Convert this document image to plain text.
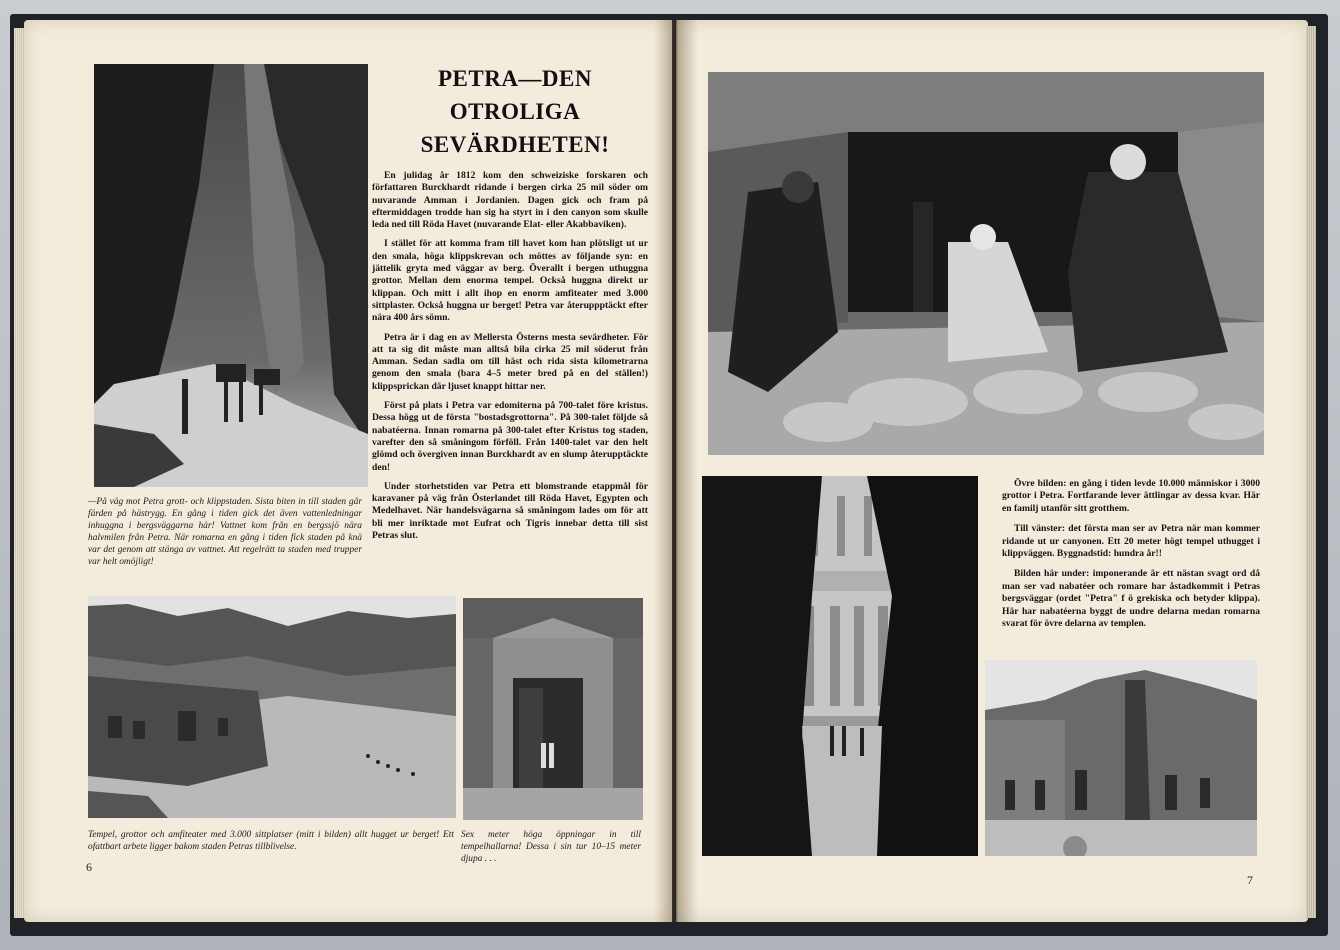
PETRA—DEN
OTROLIGA
SEVÄRDHETEN!

En julidag år 1812 kom den schweiziske forskaren och författaren Burckhardt ridande i bergen cirka 25 mil söder om nuvarande Amman i Jordanien. Dagen gick och fram på eftermiddagen trodde han sig ha styrt in i den canyon som skulle leda ned till Röda Havet (nuvarande Elat- eller Akabbaviken).

I stället för att komma fram till havet kom han plötsligt ut ur den smala, höga klippskrevan och möttes av följande syn: en jättelik gryta med väggar av berg. Överallt i bergen uthuggna grottor. Mellan dem enorma tempel. Också huggna direkt ur klippan. Och mitt i allt ihop en enorm amfiteater med 3.000 sittplaster. Också huggna ur berget! Petra var återuppptäckt efter nära 400 års sömn.

Petra är i dag en av Mellersta Österns mesta sevärdheter. För att ta sig dit måste man alltså bila cirka 25 mil söderut från Amman. Sedan sadla om till häst och rida sista kilometrarna genom den smala (bara 4–5 meter bred på en del ställen!) klippsprickan där ljuset knappt hittar ner.

Först på plats i Petra var edomiterna på 700-talet före kristus. Dessa högg ut de första "bostadsgrottorna". På 300-talet följde så nabatéerna. Innan romarna på 300-talet efter Kristus tog staden, varefter den så småningom förföll. Från 1400-talet var den helt glömd och övergiven innan Burckhardt av en slump återupptäckte den!

Under storhetstiden var Petra ett blomstrande etappmål för karavaner på väg från Österlandet till Röda Havet, Egypten och Medelhavet. När handelsvägarna så småningom lades om för att bli mer inriktade mot Eufrat och Tigris innebar detta till sist Petras slut.

—På väg mot Petra grott- och klippstaden. Sista biten in till staden går färden på hästrygg. En gång i tiden gick det även vattenledningar inhuggna i bergsväggarna här! Vattnet kom från en bergssjö nära halvmilen från Petra. När romarna en gång i tiden fick staden på knä var det genom att stänga av vattnet. Att regelrätt ta staden med trupper var helt omöjligt!
Tempel, grottor och amfiteater med 3.000 sittplatser (mitt i bilden) allt hugget ur berget! Ett ofattbart arbete ligger bakom staden Petras tillblivelse.
Sex meter höga öppningar in till tempelhallarna! Dessa i sin tur 10–15 meter djupa . . .
6

Övre bilden: en gång i tiden levde 10.000 människor i 3000 grottor i Petra. Fortfarande lever ättlingar av dessa kvar. Här en familj utanför sitt grotthem.

Till vänster: det första man ser av Petra när man kommer ridande ut ur canyonen. Ett 20 meter högt tempel uthugget i klippväggen. Byggnadstid: hundra år!!

Bilden här under: imponerande är ett nästan svagt ord då man ser vad nabatéer och romare har åstadkommit i Petras bergsväggar (ordet "Petra" f ö grekiska och betyder klippa). Här har nabatéerna byggt de undre delarna medan romarna svarat för övre delarna av templen.

7
